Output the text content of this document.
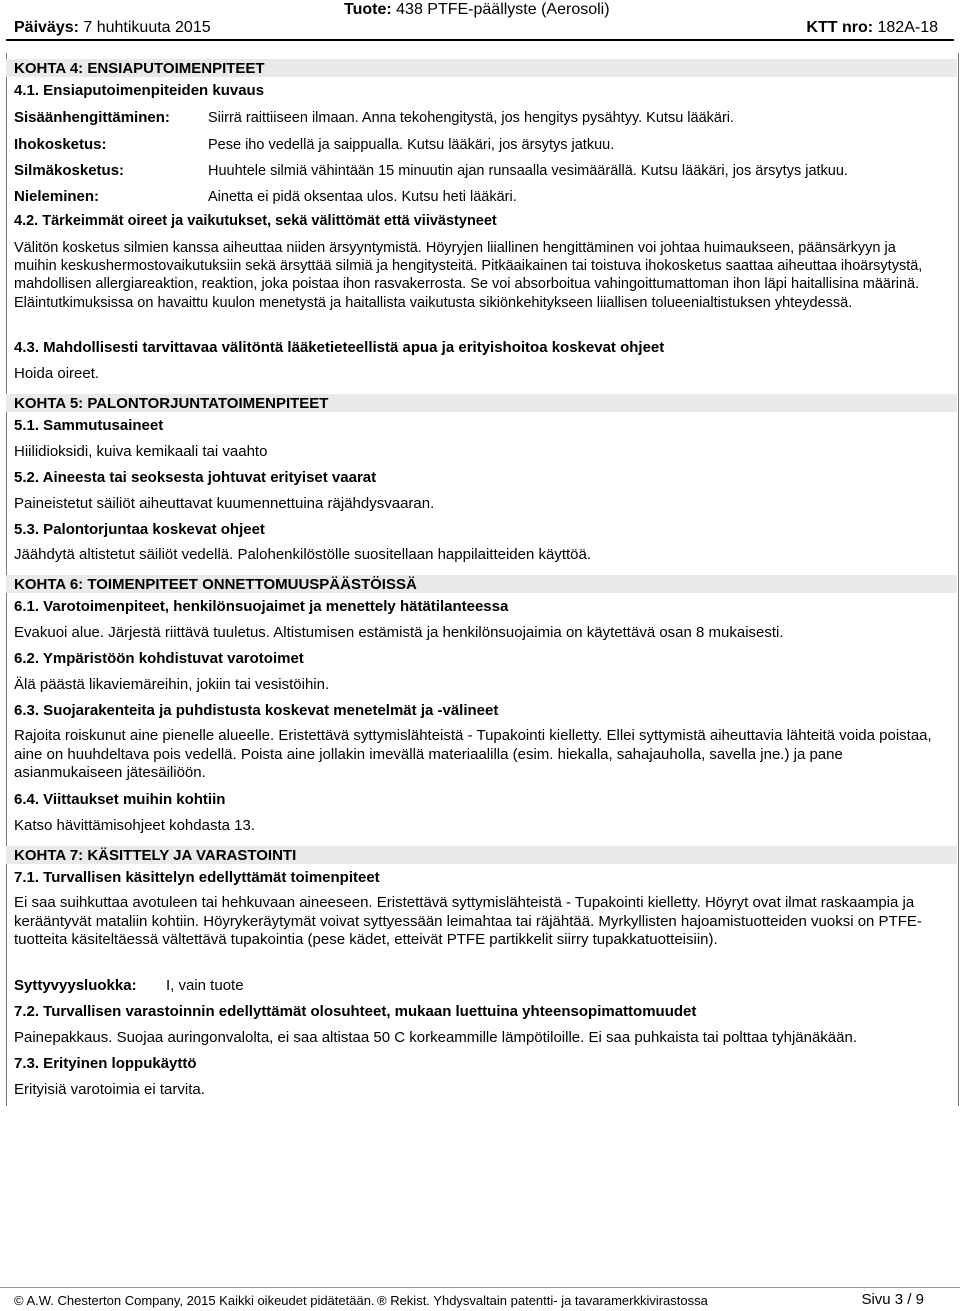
Tuote: 438 PTFE-päällyste (Aerosoli)
Päiväys: 7 huhtikuuta 2015	KTT nro: 182A-18
KOHTA 4: ENSIAPUTOIMENPITEET
4.1. Ensiaputoimenpiteiden kuvaus
Sisäänhengittäminen:	Siirrä raittiiseen ilmaan. Anna tekohengitystä, jos hengitys pysähtyy. Kutsu lääkäri.
Ihokosketus:	Pese iho vedellä ja saippualla. Kutsu lääkäri, jos ärsytys jatkuu.
Silmäkosketus:	Huuhtele silmiä vähintään 15 minuutin ajan runsaalla vesimäärällä. Kutsu lääkäri, jos ärsytys jatkuu.
Nieleminen:	Ainetta ei pidä oksentaa ulos. Kutsu heti lääkäri.
4.2. Tärkeimmät oireet ja vaikutukset, sekä välittömät että viivästyneet
Välitön kosketus silmien kanssa aiheuttaa niiden ärsyyntymistä. Höyryjen liiallinen hengittäminen voi johtaa huimaukseen, päänsärkyyn ja muihin keskushermostovaikutuksiin sekä ärsyttää silmiä ja hengitysteitä. Pitkäaikainen tai toistuva ihokosketus saattaa aiheuttaa ihoärsytystä, mahdollisen allergiareaktion, reaktion, joka poistaa ihon rasvakerrosta. Se voi absorboitua vahingoittumattoman ihon läpi haitallisina määrinä. Eläintutkimuksissa on havaittu kuulon menetystä ja haitallista vaikutusta sikiönkehitykseen liiallisen tolueenialtistuksen yhteydessä.
4.3. Mahdollisesti tarvittavaa välitöntä lääketieteellistä apua ja erityishoitoa koskevat ohjeet
Hoida oireet.
KOHTA 5: PALONTORJUNTATOIMENPITEET
5.1. Sammutusaineet
Hiilidioksidi, kuiva kemikaali tai vaahto
5.2. Aineesta tai seoksesta johtuvat erityiset vaarat
Paineistetut säiliöt aiheuttavat kuumennettuina räjähdysvaaran.
5.3. Palontorjuntaa koskevat ohjeet
Jäähdytä altistetut säiliöt vedellä. Palohenkilöstölle suositellaan happilaitteiden käyttöä.
KOHTA 6: TOIMENPITEET ONNETTOMUUSPÄÄSTÖISSÄ
6.1. Varotoimenpiteet, henkilönsuojaimet ja menettely hätätilanteessa
Evakuoi alue. Järjestä riittävä tuuletus. Altistumisen estämistä ja henkilönsuojaimia on käytettävä osan 8 mukaisesti.
6.2. Ympäristöön kohdistuvat varotoimet
Älä päästä likaviemäreihin, jokiin tai vesistöihin.
6.3. Suojarakenteita ja puhdistusta koskevat menetelmät ja -välineet
Rajoita roiskunut aine pienelle alueelle. Eristettävä syttymislähteistä - Tupakointi kielletty. Ellei syttymistä aiheuttavia lähteitä voida poistaa, aine on huuhdeltava pois vedellä. Poista aine jollakin imevällä materiaalilla (esim. hiekalla, sahajauholla, savella jne.) ja pane asianmukaiseen jätesäiliöön.
6.4. Viittaukset muihin kohtiin
Katso hävittämisohjeet kohdasta 13.
KOHTA 7: KÄSITTELY JA VARASTOINTI
7.1. Turvallisen käsittelyn edellyttämät toimenpiteet
Ei saa suihkuttaa avotuleen tai hehkuvaan aineeseen. Eristettävä syttymislähteistä - Tupakointi kielletty. Höyryt ovat ilmat raskaampia ja kerääntyvät mataliin kohtiin. Höyrykeräytymät voivat syttyessään leimahtaa tai räjähtää. Myrkyllisten hajoamistuotteiden vuoksi on PTFE-tuotteita käsiteltäessä vältettävä tupakointia (pese kädet, etteivät PTFE partikkelit siirry tupakkatuotteisiin).
Syttyvyysluokka: I, vain tuote
7.2. Turvallisen varastoinnin edellyttämät olosuhteet, mukaan luettuina yhteensopimattomuudet
Painepakkaus. Suojaa auringonvalolta, ei saa altistaa 50 C korkeammille lämpötiloille. Ei saa puhkaista tai polttaa tyhjänäkään.
7.3. Erityinen loppukäyttö
Erityisiä varotoimia ei tarvita.
© A.W. Chesterton Company, 2015 Kaikki oikeudet pidätetään. ® Rekist. Yhdysvaltain patentti- ja tavaramerkkivirastossa	Sivu 3 / 9
